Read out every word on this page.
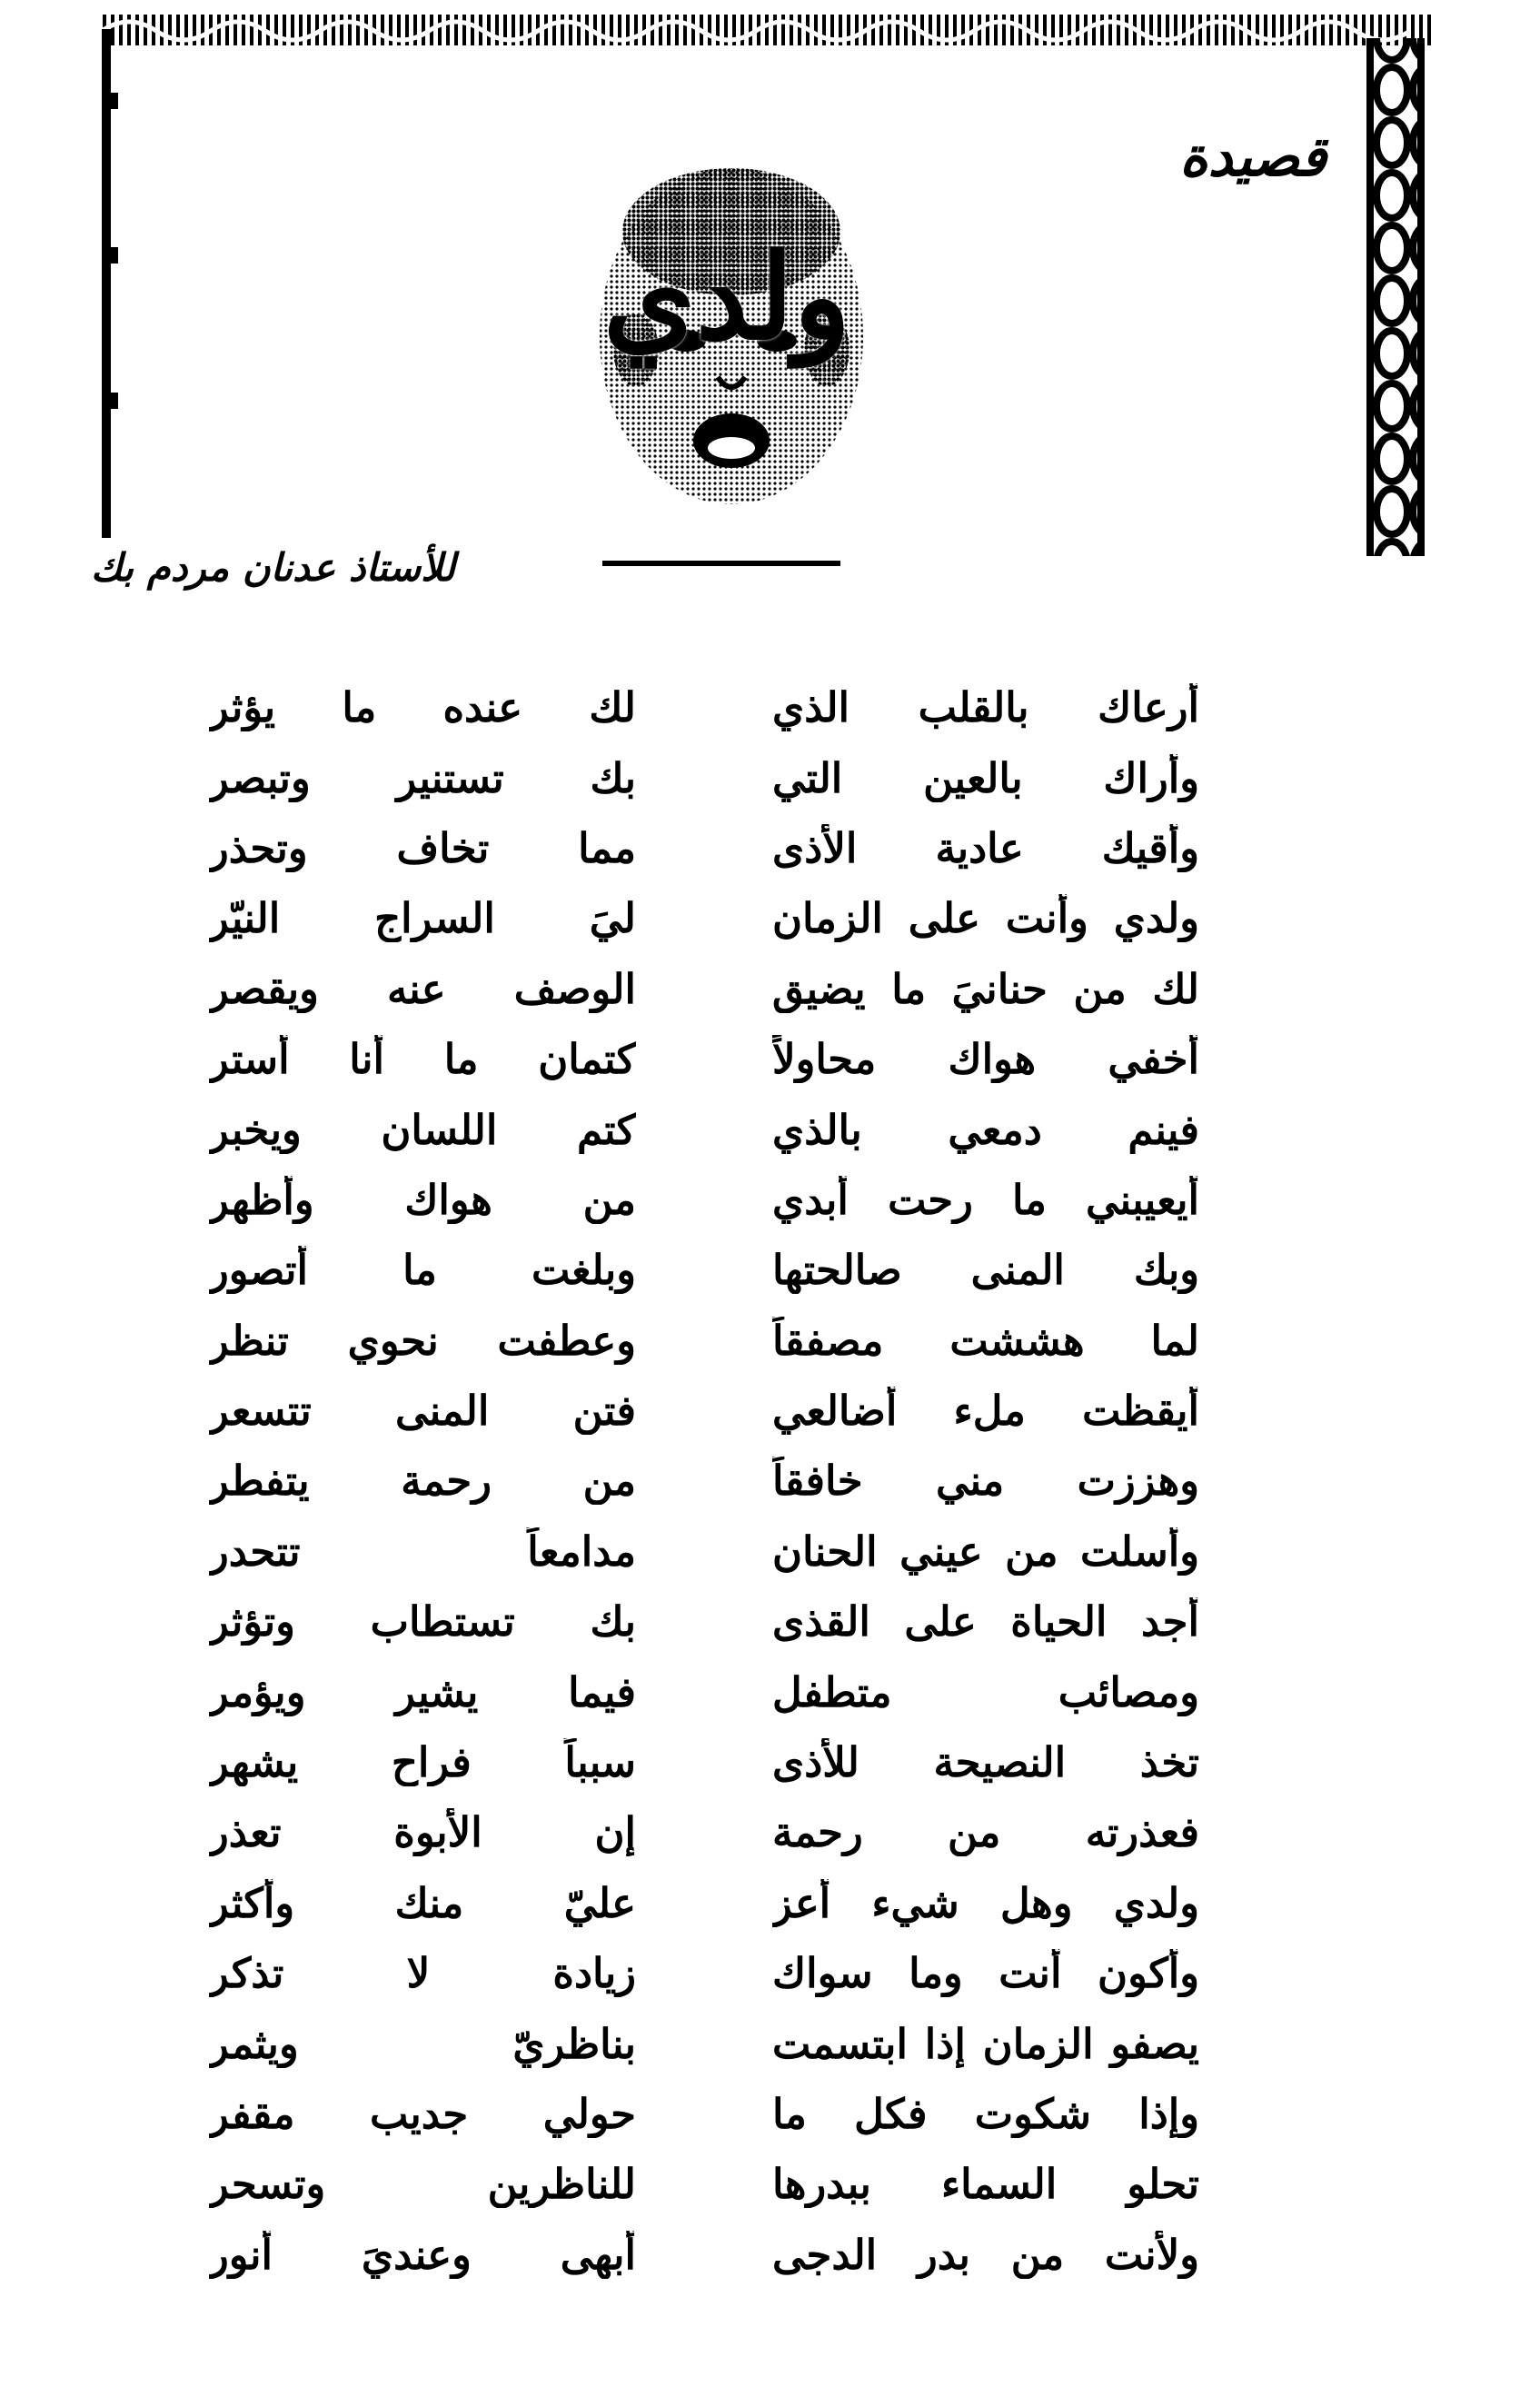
قصيدة
ولدي
للأستاذ عدنان مردم بك
أرعاك بالقلب الذي
لك عنده ما يؤثر
وأراك بالعين التي
بك تستنير وتبصر
وأقيك عادية الأذى
مما تخاف وتحذر
ولدي وأنت على الزمان
ليَ السراج النيّر
لك من حنانيَ ما يضيق
الوصف عنه ويقصر
أخفي هواك محاولاً
كتمان ما أنا أستر
فينم دمعي بالذي
كتم اللسان ويخبر
أيعيبني ما رحت أبدي
من هواك وأظهر
وبك المنى صالحتها
وبلغت ما أتصور
لما هششت مصفقاً
وعطفت نحوي تنظر
أيقظت ملء أضالعي
فتن المنى تتسعر
وهززت مني خافقاً
من رحمة يتفطر
وأسلت من عيني الحنان
مدامعاً تتحدر
أجد الحياة على القذى
بك تستطاب وتؤثر
ومصائب متطفل
فيما يشير ويؤمر
تخذ النصيحة للأذى
سبباً فراح يشهر
فعذرته من رحمة
إن الأبوة تعذر
ولدي وهل شيء أعز
عليّ منك وأكثر
وأكون أنت وما سواك
زيادة لا تذكر
يصفو الزمان إذا ابتسمت
بناظريّ ويثمر
وإذا شكوت فكل ما
حولي جديب مقفر
تحلو السماء ببدرها
للناظرين وتسحر
ولأنت من بدر الدجى
أبهى وعنديَ أنور
